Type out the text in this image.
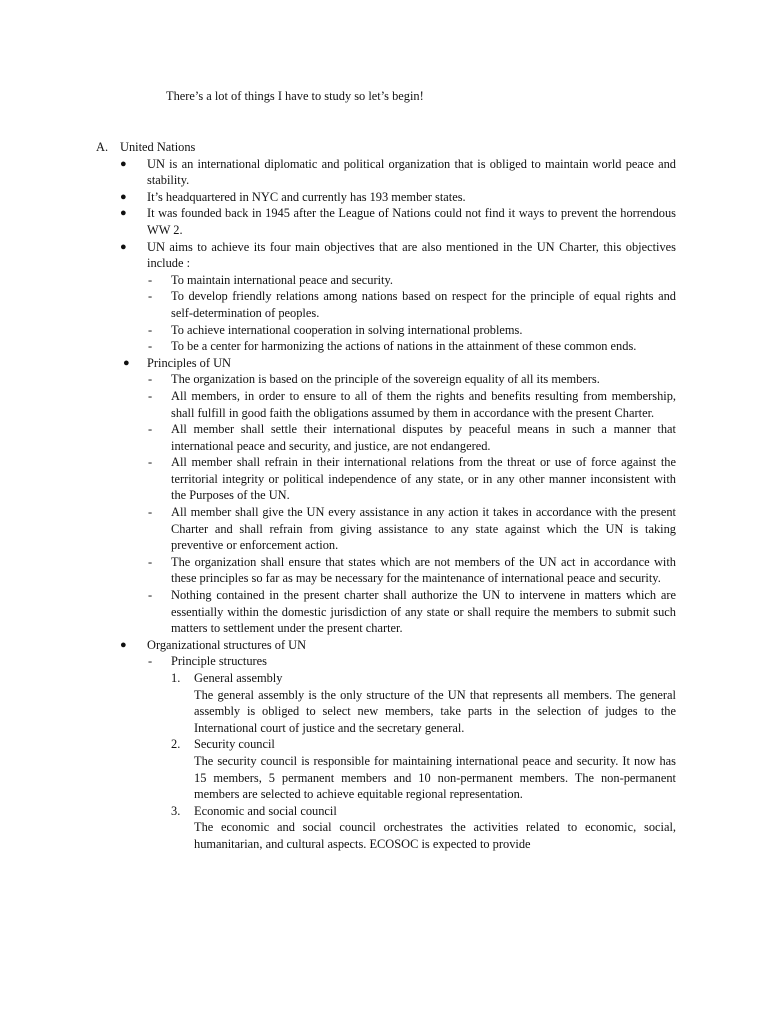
There’s a lot of things I have to study so let’s begin!
A. United Nations
● UN is an international diplomatic and political organization that is obliged to maintain world peace and stability.
● It’s headquartered in NYC and currently has 193 member states.
● It was founded back in 1945 after the League of Nations could not find it ways to prevent the horrendous WW 2.
● UN aims to achieve its four main objectives that are also mentioned in the UN Charter, this objectives include :
- To maintain international peace and security.
- To develop friendly relations among nations based on respect for the principle of equal rights and self-determination of peoples.
- To achieve international cooperation in solving international problems.
- To be a center for harmonizing the actions of nations in the attainment of these common ends.
● Principles of UN
- The organization is based on the principle of the sovereign equality of all its members.
- All members, in order to ensure to all of them the rights and benefits resulting from membership, shall fulfill in good faith the obligations assumed by them in accordance with the present Charter.
- All member shall settle their international disputes by peaceful means in such a manner that international peace and security, and justice, are not endangered.
- All member shall refrain in their international relations from the threat or use of force against the territorial integrity or political independence of any state, or in any other manner inconsistent with the Purposes of the UN.
- All member shall give the UN every assistance in any action it takes in accordance with the present Charter and shall refrain from giving assistance to any state against which the UN is taking preventive or enforcement action.
- The organization shall ensure that states which are not members of the UN act in accordance with these principles so far as may be necessary for the maintenance of international peace and security.
- Nothing contained in the present charter shall authorize the UN to intervene in matters which are essentially within the domestic jurisdiction of any state or shall require the members to submit such matters to settlement under the present charter.
● Organizational structures of UN
- Principle structures
1. General assembly
The general assembly is the only structure of the UN that represents all members. The general assembly is obliged to select new members, take parts in the selection of judges to the International court of justice and the secretary general.
2. Security council
The security council is responsible for maintaining international peace and security. It now has 15 members, 5 permanent members and 10 non-permanent members. The non-permanent members are selected to achieve equitable regional representation.
3. Economic and social council
The economic and social council orchestrates the activities related to economic, social, humanitarian, and cultural aspects. ECOSOC is expected to provide
